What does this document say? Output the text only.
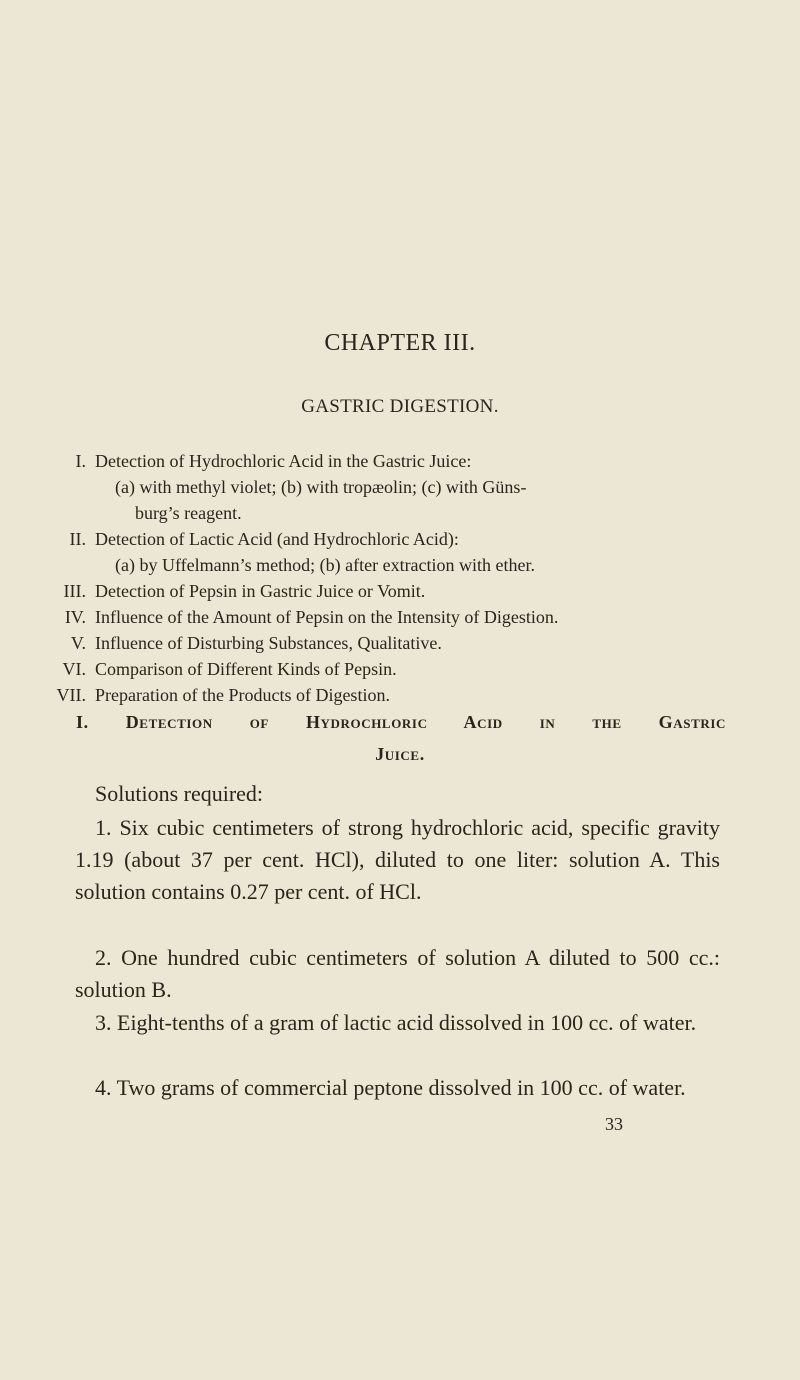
CHAPTER III.
GASTRIC DIGESTION.
I. Detection of Hydrochloric Acid in the Gastric Juice:
(a) with methyl violet; (b) with tropæolin; (c) with Güns-
burg’s reagent.
II. Detection of Lactic Acid (and Hydrochloric Acid):
(a) by Uffelmann’s method; (b) after extraction with ether.
III. Detection of Pepsin in Gastric Juice or Vomit.
IV. Influence of the Amount of Pepsin on the Intensity of Digestion.
V. Influence of Disturbing Substances, Qualitative.
VI. Comparison of Different Kinds of Pepsin.
VII. Preparation of the Products of Digestion.
I. Detection of Hydrochloric Acid in the Gastric
Juice.
Solutions required:

1. Six cubic centimeters of strong hydrochloric acid, specific gravity 1.19 (about 37 per cent. HCl), diluted to one liter: solution A. This solution contains 0.27 per cent. of HCl.

2. One hundred cubic centimeters of solution A diluted to 500 cc.: solution B.

3. Eight-tenths of a gram of lactic acid dissolved in 100 cc. of water.

4. Two grams of commercial peptone dissolved in 100 cc. of water.

33
